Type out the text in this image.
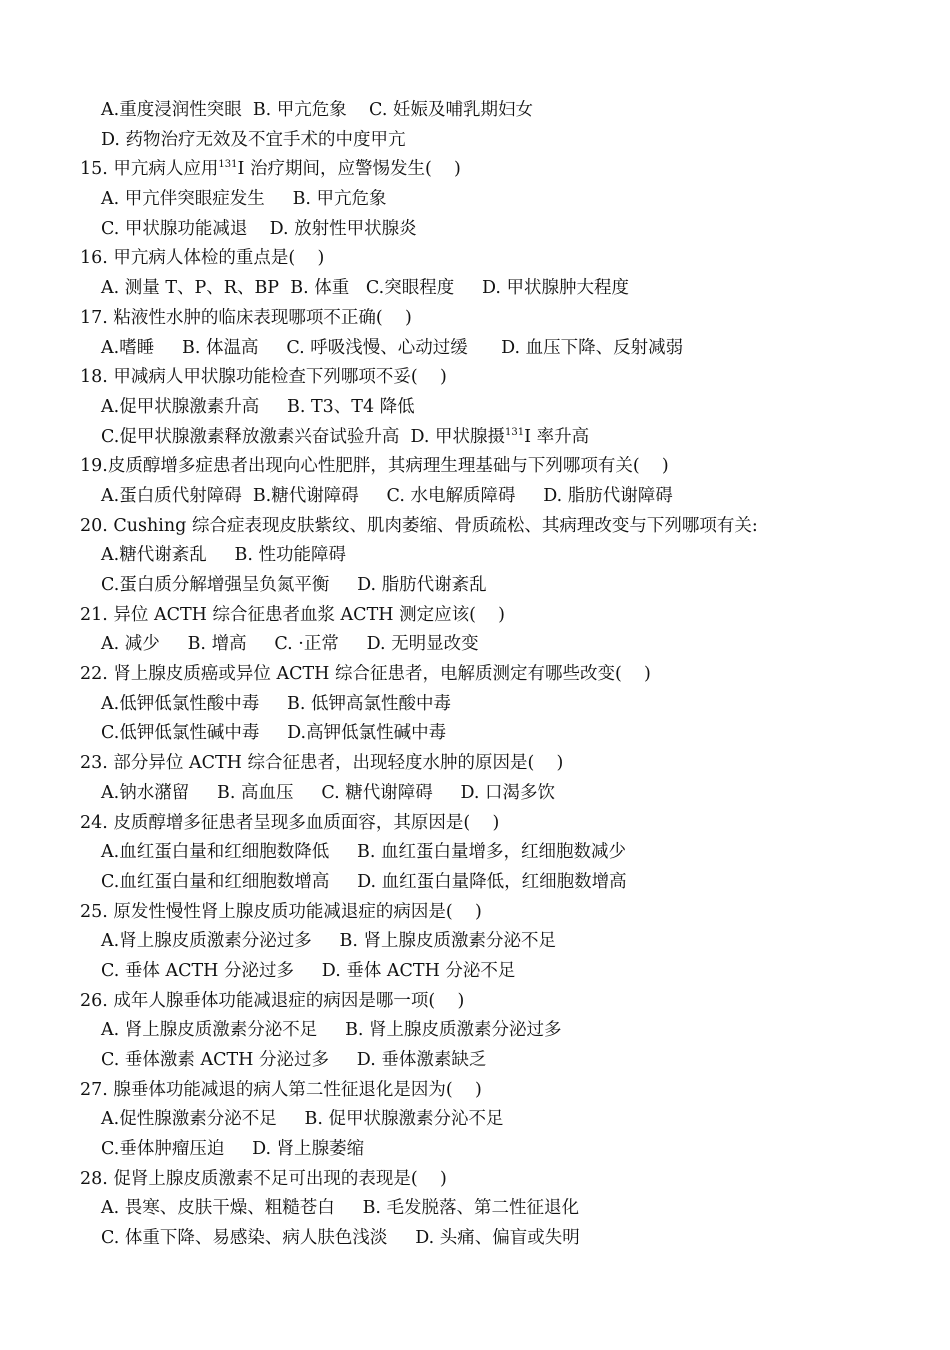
A.重度浸润性突眼  B. 甲亢危象    C. 妊娠及哺乳期妇女
D. 药物治疗无效及不宜手术的中度甲亢
15. 甲亢病人应用$^{131}$I 治疗期间，应警惕发生(    )
A. 甲亢伴突眼症发生     B. 甲亢危象
C. 甲状腺功能减退    D. 放射性甲状腺炎
16. 甲亢病人体检的重点是(    )
A. 测量 T、P、R、BP  B. 体重   C.突眼程度     D. 甲状腺肿大程度
17. 粘液性水肿的临床表现哪项不正确(    )
A.嗜睡     B. 体温高     C. 呼吸浅慢、心动过缓      D. 血压下降、反射减弱
18. 甲减病人甲状腺功能检查下列哪项不妥(    )
A.促甲状腺激素升高     B. T3、T4 降低
C.促甲状腺激素释放激素兴奋试验升高  D. 甲状腺摄$^{131}$I 率升高
19.皮质醇增多症患者出现向心性肥胖，其病理生理基础与下列哪项有关(    )
A.蛋白质代射障碍  B.糖代谢障碍     C. 水电解质障碍     D. 脂肪代谢障碍
20. Cushing 综合症表现皮肤紫纹、肌肉萎缩、骨质疏松、其病理改变与下列哪项有关:
A.糖代谢紊乱     B. 性功能障碍
C.蛋白质分解增强呈负氮平衡     D. 脂肪代谢紊乱
21. 异位 ACTH 综合征患者血浆 ACTH 测定应该(    )
A. 减少     B. 增高     C. ·正常     D. 无明显改变
22. 肾上腺皮质癌或异位 ACTH 综合征患者，电解质测定有哪些改变(    )
A.低钾低氯性酸中毒     B. 低钾高氯性酸中毒
C.低钾低氯性碱中毒     D.高钾低氯性碱中毒
23. 部分异位 ACTH 综合征患者，出现轻度水肿的原因是(    )
A.钠水潴留     B. 高血压     C. 糖代谢障碍     D. 口渴多饮
24. 皮质醇增多征患者呈现多血质面容，其原因是(    )
A.血红蛋白量和红细胞数降低     B. 血红蛋白量增多，红细胞数减少
C.血红蛋白量和红细胞数增高     D. 血红蛋白量降低，红细胞数增高
25. 原发性慢性肾上腺皮质功能减退症的病因是(    )
A.肾上腺皮质激素分泌过多     B. 肾上腺皮质激素分泌不足
C. 垂体 ACTH 分泌过多     D. 垂体 ACTH 分泌不足
26. 成年人腺垂体功能减退症的病因是哪一项(    )
A. 肾上腺皮质激素分泌不足     B. 肾上腺皮质激素分泌过多
C. 垂体激素 ACTH 分泌过多     D. 垂体激素缺乏
27. 腺垂体功能减退的病人第二性征退化是因为(    )
A.促性腺激素分泌不足     B. 促甲状腺激素分沁不足
C.垂体肿瘤压迫     D. 肾上腺萎缩
28. 促肾上腺皮质激素不足可出现的表现是(    )
A. 畏寒、皮肤干燥、粗糙苍白     B. 毛发脱落、第二性征退化
C. 体重下降、易感染、病人肤色浅淡     D. 头痛、偏盲或失明
